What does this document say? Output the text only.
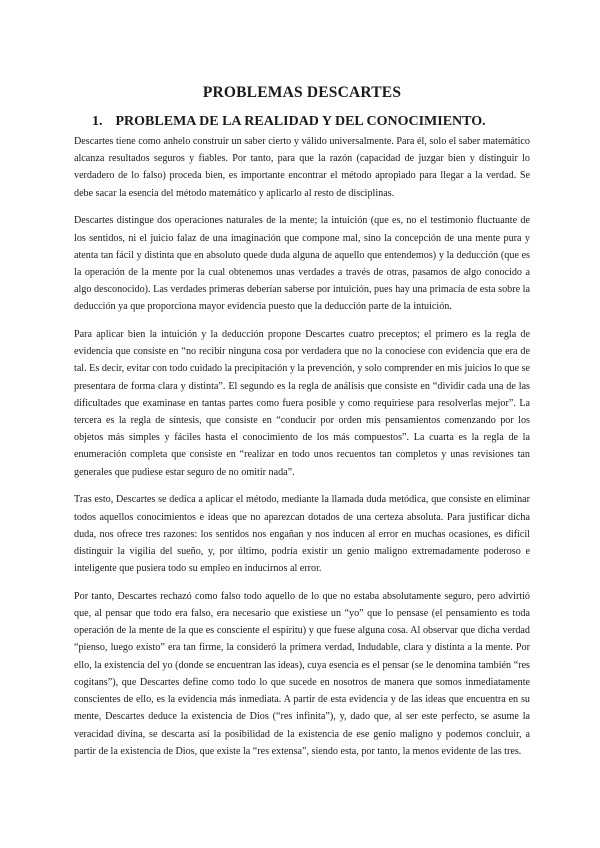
PROBLEMAS DESCARTES
1. PROBLEMA DE LA REALIDAD Y DEL CONOCIMIENTO.

Descartes tiene como anhelo construir un saber cierto y válido universalmente. Para él, solo el saber matemático alcanza resultados seguros y fiables. Por tanto, para que la razón (capacidad de juzgar bien y distinguir lo verdadero de lo falso) proceda bien, es importante encontrar el método apropiado para llegar a la verdad. Se debe sacar la esencia del método matemático y aplicarlo al resto de disciplinas.

Descartes distingue dos operaciones naturales de la mente; la intuición (que es, no el testimonio fluctuante de los sentidos, ni el juicio falaz de una imaginación que compone mal, sino la concepción de una mente pura y atenta tan fácil y distinta que en absoluto quede duda alguna de aquello que entendemos) y la deducción (que es la operación de la mente por la cual obtenemos unas verdades a través de otras, pasamos de algo conocido a algo desconocido). Las verdades primeras deberían saberse por intuición, pues hay una primacía de esta sobre la deducción ya que proporciona mayor evidencia puesto que la deducción parte de la intuición.

Para aplicar bien la intuición y la deducción propone Descartes cuatro preceptos; el primero es la regla de evidencia que consiste en “no recibir ninguna cosa por verdadera que no la conociese con evidencia que era de tal. Es decir, evitar con todo cuidado la precipitación y la prevención, y solo comprender en mis juicios lo que se presentara de forma clara y distinta”. El segundo es la regla de análisis que consiste en “dividir cada una de las dificultades que examinase en tantas partes como fuera posible y como requiriese para resolverlas mejor”. La tercera es la regla de síntesis, que consiste en “conducir por orden mis pensamientos comenzando por los objetos más simples y fáciles hasta el conocimiento de los más compuestos”. La cuarta es la regla de la enumeración completa que consiste en “realizar en todo unos recuentos tan completos y unas revisiones tan generales que pudiese estar seguro de no omitir nada”.

Tras esto, Descartes se dedica a aplicar el método, mediante la llamada duda metódica, que consiste en eliminar todos aquellos conocimientos e ideas que no aparezcan dotados de una certeza absoluta. Para justificar dicha duda, nos ofrece tres razones: los sentidos nos engañan y nos inducen al error en muchas ocasiones, es difícil distinguir la vigilia del sueño, y, por último, podría existir un genio maligno extremadamente poderoso e inteligente que pusiera todo su empleo en inducirnos al error.

Por tanto, Descartes rechazó como falso todo aquello de lo que no estaba absolutamente seguro, pero advirtió que, al pensar que todo era falso, era necesario que existiese un “yo” que lo pensase (el pensamiento es toda operación de la mente de la que es consciente el espíritu) y que fuese alguna cosa. Al observar que dicha verdad “pienso, luego existo” era tan firme, la consideró la primera verdad, Indudable, clara y distinta a la mente. Por ello, la existencia del yo (donde se encuentran las ideas), cuya esencia es el pensar (se le denomina también “res cogitans”), que Descartes define como todo lo que sucede en nosotros de manera que somos inmediatamente conscientes de ello, es la evidencia más inmediata. A partir de esta evidencia y de las ideas que encuentra en su mente, Descartes deduce la existencia de Dios (“res infinita”), y, dado que, al ser este perfecto, se asume la veracidad divina, se descarta así la posibilidad de la existencia de ese genio maligno y podemos concluir, a partir de la existencia de Dios, que existe la “res extensa”, siendo esta, por tanto, la menos evidente de las tres.
